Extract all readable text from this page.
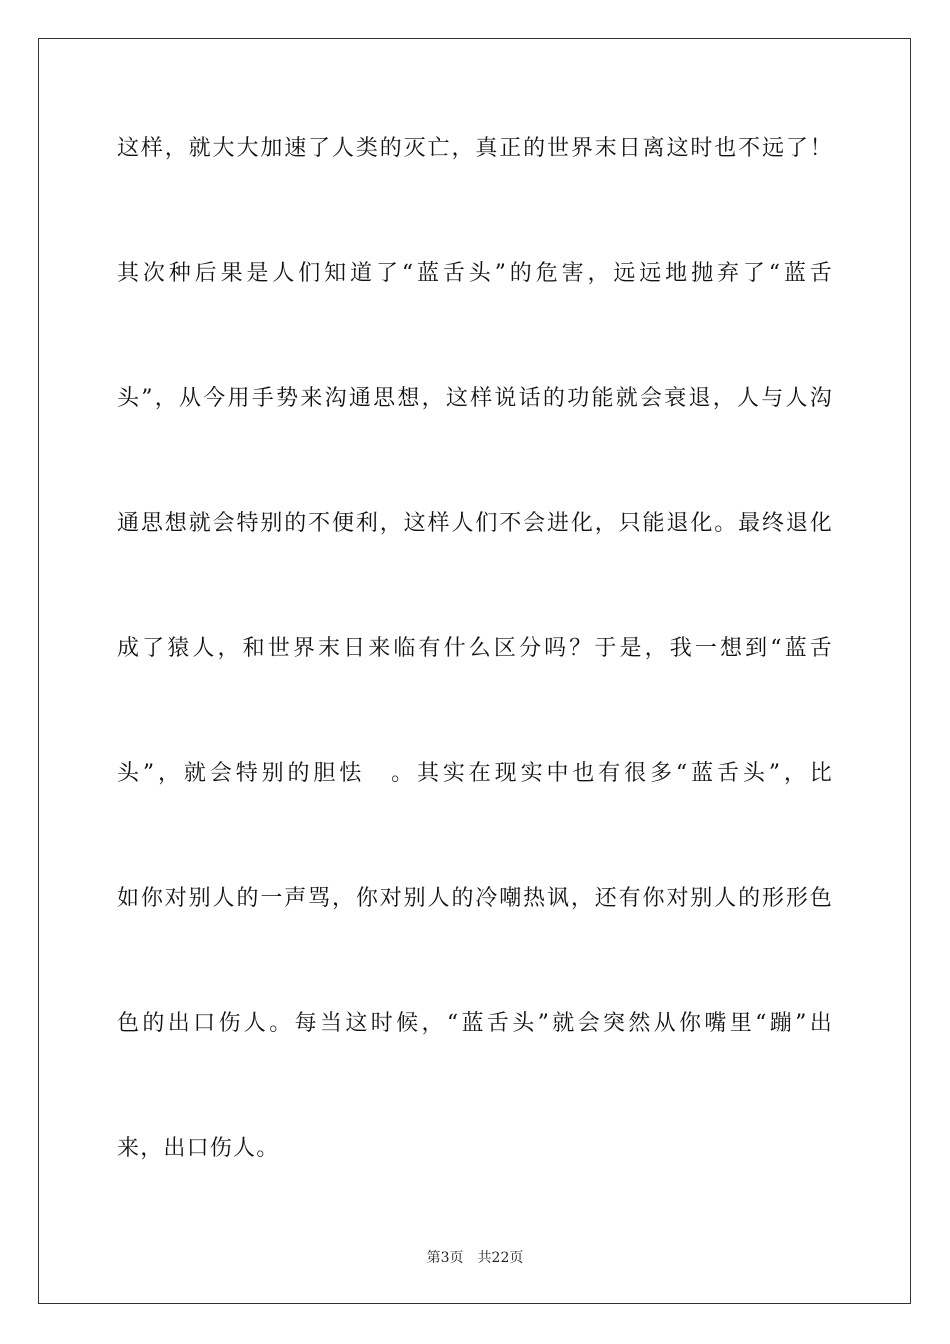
这样，就大大加速了人类的灭亡，真正的世界末日离这时也不远了！
其次种后果是人们知道了“蓝舌头”的危害，远远地抛弃了“蓝舌
头”，从今用手势来沟通思想，这样说话的功能就会衰退，人与人沟
通思想就会特别的不便利，这样人们不会进化，只能退化。最终退化
成了猿人，和世界末日来临有什么区分吗？于是，我一想到“蓝舌
头”，就会特别的胆怯　。其实在现实中也有很多“蓝舌头”，比
如你对别人的一声骂，你对别人的冷嘲热讽，还有你对别人的形形色
色的出口伤人。每当这时候，“蓝舌头”就会突然从你嘴里“蹦”出
来，出口伤人。
第3页 共22页
